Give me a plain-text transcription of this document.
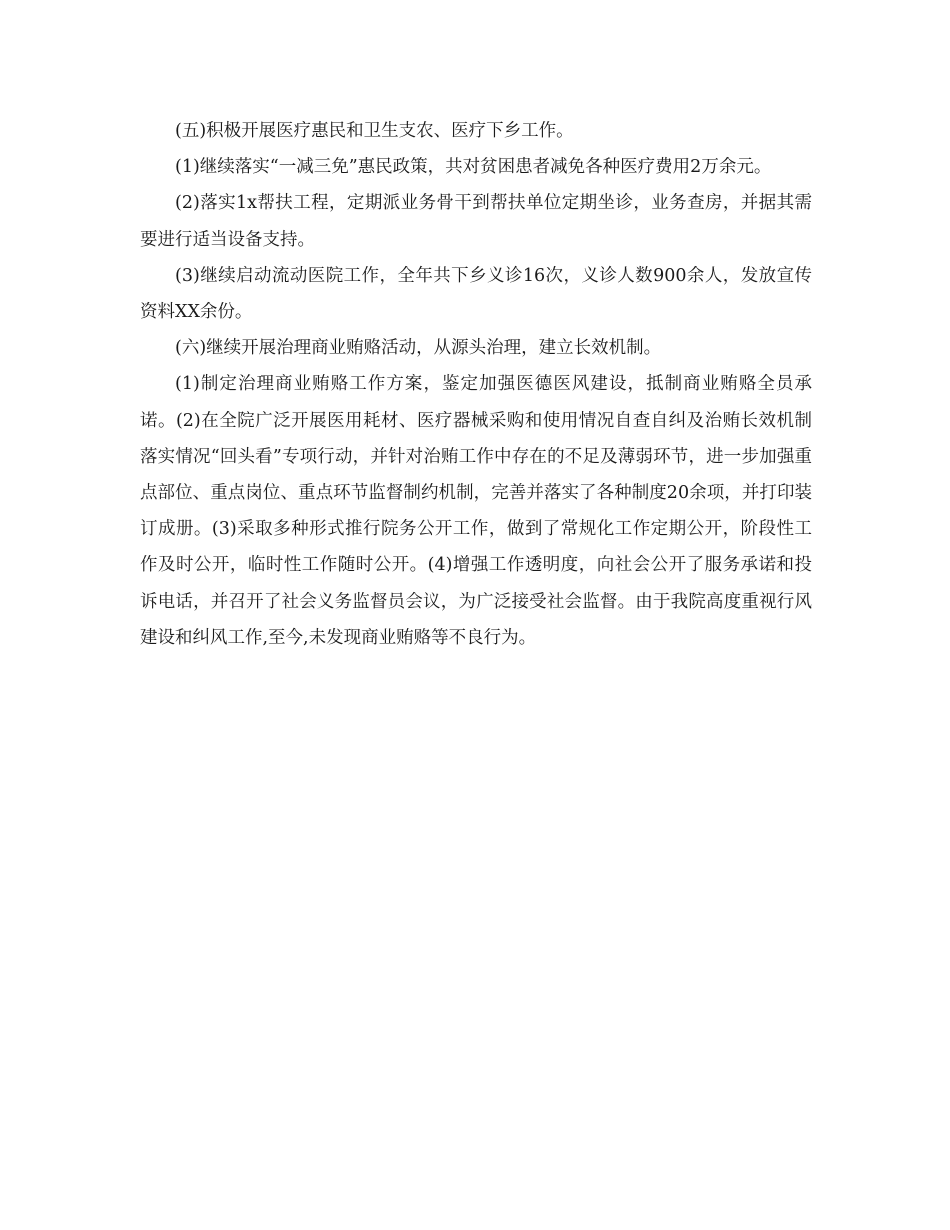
(五)积极开展医疗惠民和卫生支农、医疗下乡工作。

(1)继续落实“一减三免”惠民政策，共对贫困患者减免各种医疗费用2万余元。

(2)落实1x帮扶工程，定期派业务骨干到帮扶单位定期坐诊，业务查房，并据其需要进行适当设备支持。

(3)继续启动流动医院工作，全年共下乡义诊16次，义诊人数900余人，发放宣传资料XX余份。

(六)继续开展治理商业贿赂活动，从源头治理，建立长效机制。

(1)制定治理商业贿赂工作方案，鉴定加强医德医风建设，抵制商业贿赂全员承诺。(2)在全院广泛开展医用耗材、医疗器械采购和使用情况自查自纠及治贿长效机制落实情况“回头看”专项行动，并针对治贿工作中存在的不足及薄弱环节，进一步加强重点部位、重点岗位、重点环节监督制约机制，完善并落实了各种制度20余项，并打印装订成册。(3)采取多种形式推行院务公开工作，做到了常规化工作定期公开，阶段性工作及时公开，临时性工作随时公开。(4)增强工作透明度，向社会公开了服务承诺和投诉电话，并召开了社会义务监督员会议，为广泛接受社会监督。由于我院高度重视行风建设和纠风工作,至今,未发现商业贿赂等不良行为。
